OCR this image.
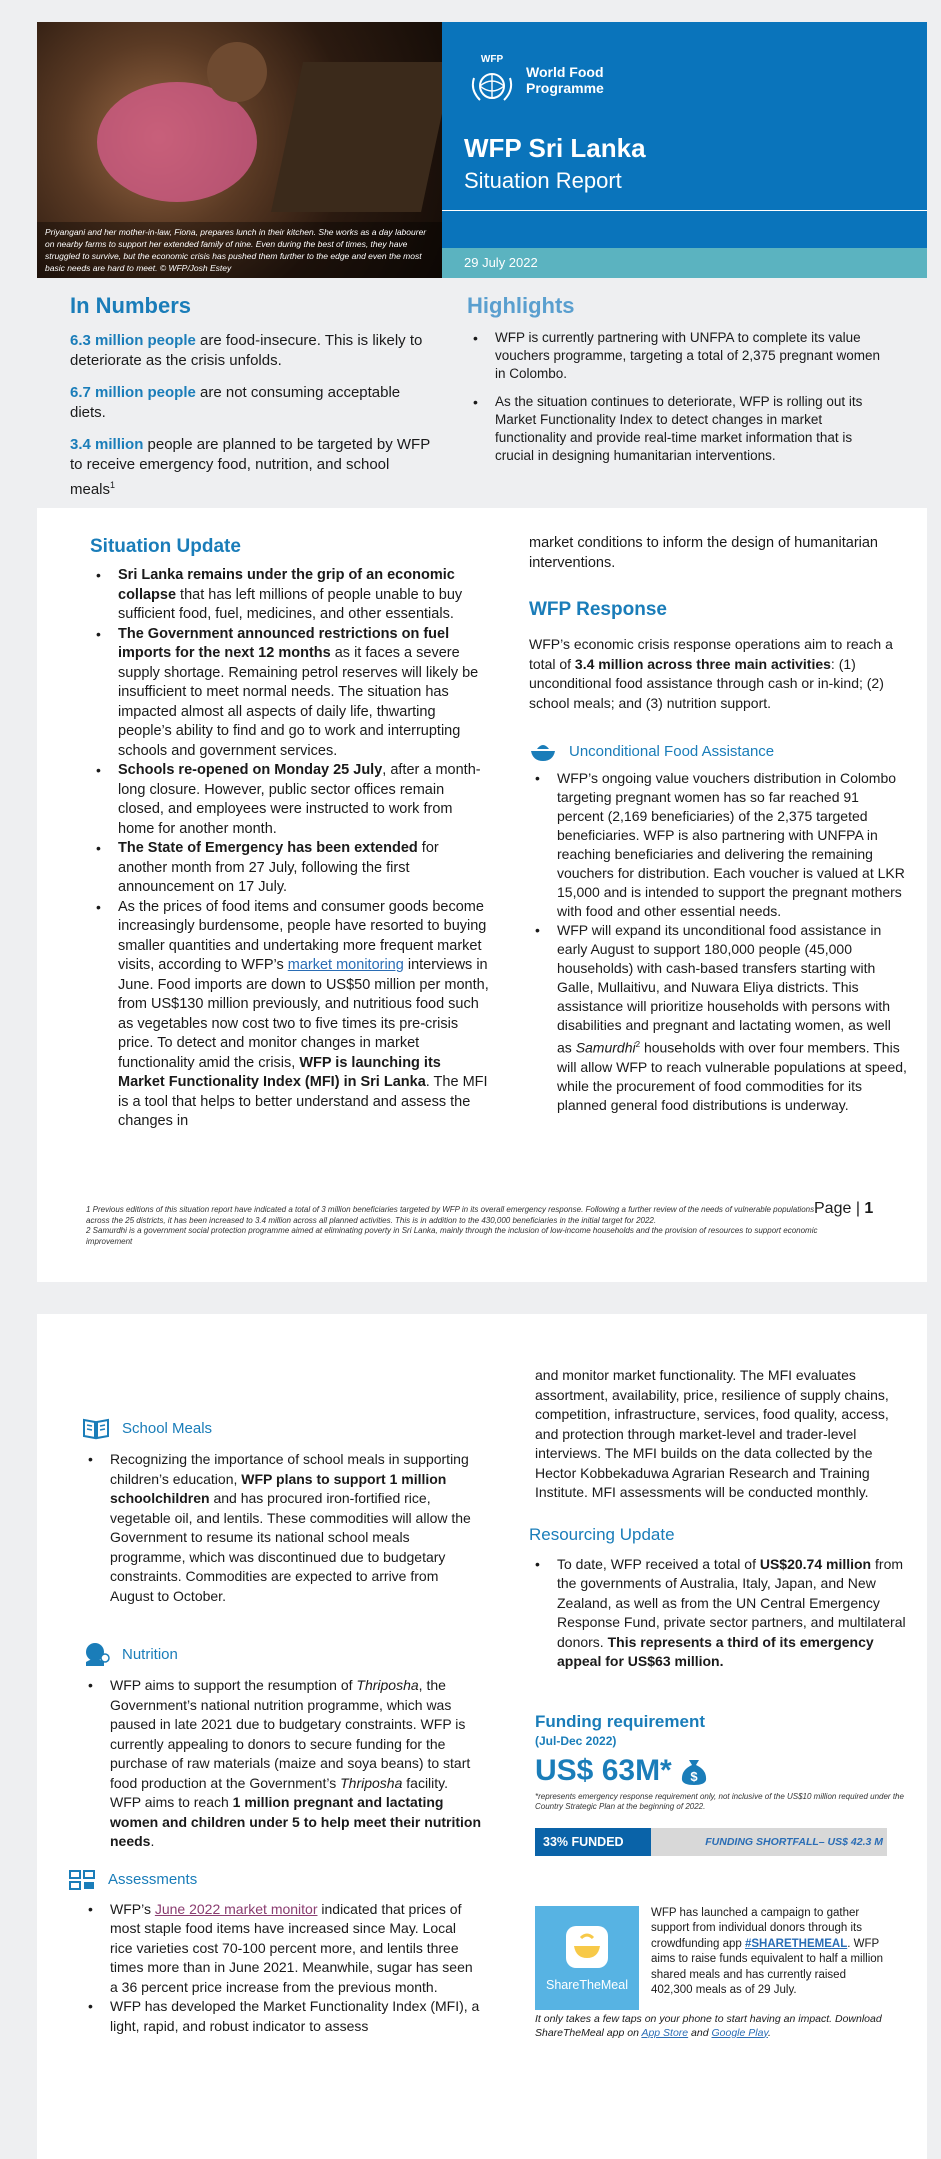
Priyangani and her mother-in-law, Fiona, prepares lunch in their kitchen. She works as a day labourer on nearby farms to support her extended family of nine. Even during the best of times, they have struggled to survive, but the economic crisis has pushed them further to the edge and even the most basic needs are hard to meet. © WFP/Josh Estey
WFP
World Food
Programme
WFP Sri Lanka
Situation Report
29 July 2022
In Numbers

6.3 million people are food-insecure. This is likely to deteriorate as the crisis unfolds.

6.7 million people are not consuming acceptable diets.

3.4 million people are planned to be targeted by WFP to receive emergency food, nutrition, and school meals$^1$

Highlights
• WFP is currently partnering with UNFPA to complete its value vouchers programme, targeting a total of 2,375 pregnant women in Colombo.
• As the situation continues to deteriorate, WFP is rolling out its Market Functionality Index to detect changes in market functionality and provide real-time market information that is crucial in designing humanitarian interventions.
Situation Update
• Sri Lanka remains under the grip of an economic collapse that has left millions of people unable to buy sufficient food, fuel, medicines, and other essentials.
• The Government announced restrictions on fuel imports for the next 12 months as it faces a severe supply shortage. Remaining petrol reserves will likely be insufficient to meet normal needs. The situation has impacted almost all aspects of daily life, thwarting people’s ability to find and go to work and interrupting schools and government services.
• Schools re-opened on Monday 25 July, after a month-long closure. However, public sector offices remain closed, and employees were instructed to work from home for another month.
• The State of Emergency has been extended for another month from 27 July, following the first announcement on 17 July.
• As the prices of food items and consumer goods become increasingly burdensome, people have resorted to buying smaller quantities and undertaking more frequent market visits, according to WFP’s market monitoring interviews in June. Food imports are down to US$50 million per month, from US$130 million previously, and nutritious food such as vegetables now cost two to five times its pre-crisis price. To detect and monitor changes in market functionality amid the crisis, WFP is launching its Market Functionality Index (MFI) in Sri Lanka. The MFI is a tool that helps to better understand and assess the changes in

market conditions to inform the design of humanitarian interventions.

WFP Response

WFP’s economic crisis response operations aim to reach a total of 3.4 million across three main activities: (1) unconditional food assistance through cash or in-kind; (2) school meals; and (3) nutrition support.

Unconditional Food Assistance
• WFP’s ongoing value vouchers distribution in Colombo targeting pregnant women has so far reached 91 percent (2,169 beneficiaries) of the 2,375 targeted beneficiaries. WFP is also partnering with UNFPA in reaching beneficiaries and delivering the remaining vouchers for distribution. Each voucher is valued at LKR 15,000 and is intended to support the pregnant mothers with food and other essential needs.
• WFP will expand its unconditional food assistance in early August to support 180,000 people (45,000 households) with cash-based transfers starting with Galle, Mullaitivu, and Nuwara Eliya districts. This assistance will prioritize households with persons with disabilities and pregnant and lactating women, as well as Samurdhi$^2$ households with over four members. This will allow WFP to reach vulnerable populations at speed, while the procurement of food commodities for its planned general food distributions is underway.
1 Previous editions of this situation report have indicated a total of 3 million beneficiaries targeted by WFP in its overall emergency response. Following a further review of the needs of vulnerable populations across the 25 districts, it has been increased to 3.4 million across all planned activities. This is in addition to the 430,000 beneficiaries in the initial target for 2022.
2 Samurdhi is a government social protection programme aimed at eliminating poverty in Sri Lanka, mainly through the inclusion of low-income households and the provision of resources to support economic improvement
Page | 1
School Meals
• Recognizing the importance of school meals in supporting children’s education, WFP plans to support 1 million schoolchildren and has procured iron-fortified rice, vegetable oil, and lentils. These commodities will allow the Government to resume its national school meals programme, which was discontinued due to budgetary constraints. Commodities are expected to arrive from August to October.
Nutrition
• WFP aims to support the resumption of Thriposha, the Government’s national nutrition programme, which was paused in late 2021 due to budgetary constraints. WFP is currently appealing to donors to secure funding for the purchase of raw materials (maize and soya beans) to start food production at the Government’s Thriposha facility. WFP aims to reach 1 million pregnant and lactating women and children under 5 to help meet their nutrition needs.
Assessments
• WFP’s June 2022 market monitor indicated that prices of most staple food items have increased since May. Local rice varieties cost 70-100 percent more, and lentils three times more than in June 2021. Meanwhile, sugar has seen a 36 percent price increase from the previous month.
• WFP has developed the Market Functionality Index (MFI), a light, rapid, and robust indicator to assess

and monitor market functionality. The MFI evaluates assortment, availability, price, resilience of supply chains, competition, infrastructure, services, food quality, access, and protection through market-level and trader-level interviews. The MFI builds on the data collected by the Hector Kobbekaduwa Agrarian Research and Training Institute. MFI assessments will be conducted monthly.

Resourcing Update
• To date, WFP received a total of US$20.74 million from the governments of Australia, Italy, Japan, and New Zealand, as well as from the UN Central Emergency Response Fund, private sector partners, and multilateral donors. This represents a third of its emergency appeal for US$63 million.
Funding requirement
(Jul-Dec 2022)
US$ 63M* $
*represents emergency response requirement only, not inclusive of the US$10 million required under the Country Strategic Plan at the beginning of 2022.
33% FUNDED	FUNDING SHORTFALL– US$ 42.3 M
ShareTheMeal
WFP has launched a campaign to gather support from individual donors through its crowdfunding app #SHARETHEMEAL. WFP aims to raise funds equivalent to half a million shared meals and has currently raised 402,300 meals as of 29 July.
It only takes a few taps on your phone to start having an impact. Download ShareTheMeal app on App Store and Google Play.
